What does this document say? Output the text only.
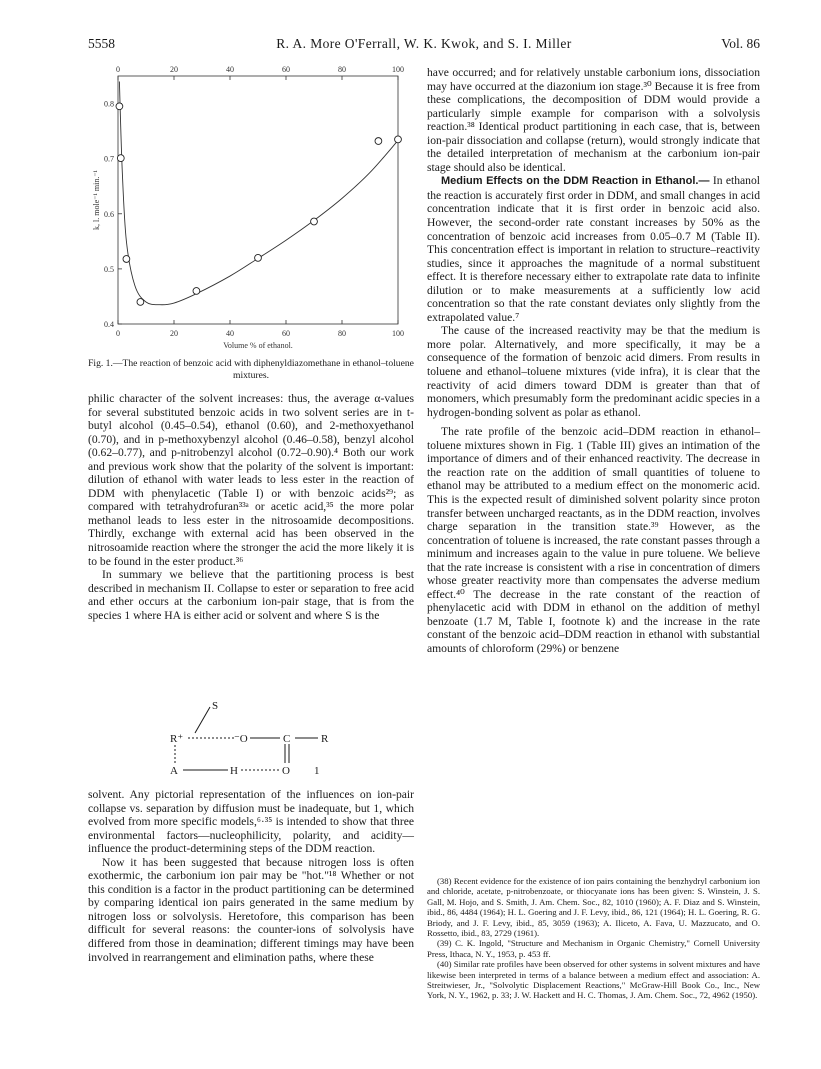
5558	R. A. More O'Ferrall, W. K. Kwok, and S. I. Miller	Vol. 86
0
0
20
20
40
40
60
60
80
80
100
100
0.4
0.5
0.6
0.7
0.8
Volume % of ethanol.
k, l. mole⁻¹ min.⁻¹
Fig. 1.—The reaction of benzoic acid with diphenyldiazomethane in ethanol–toluene mixtures.

philic character of the solvent increases: thus, the average α-values for several substituted benzoic acids in two solvent series are in t-butyl alcohol (0.45–0.54), ethanol (0.60), and 2-methoxyethanol (0.70), and in p-methoxybenzyl alcohol (0.46–0.58), benzyl alcohol (0.62–0.77), and p-nitrobenzyl alcohol (0.72–0.90).⁴ Both our work and previous work show that the polarity of the solvent is important: dilution of ethanol with water leads to less ester in the reaction of DDM with phenylacetic (Table I) or with benzoic acids²⁹; as compared with tetrahydrofuran³³ᵃ or acetic acid,³⁵ the more polar methanol leads to less ester in the nitrosoamide decompositions. Thirdly, exchange with external acid has been observed in the nitrosoamide reaction where the stronger the acid the more likely it is to be found in the ester product.³⁶

In summary we believe that the partitioning process is best described in mechanism II. Collapse to ester or separation to free acid and ether occurs at the carbonium ion-pair stage, that is from the species 1 where HA is either acid or solvent and where S is the

S
R⁺	⁻O	C	R
A	H	O 1

solvent. Any pictorial representation of the influences on ion-pair collapse vs. separation by diffusion must be inadequate, but 1, which evolved from more specific models,⁶·³⁵ is intended to show that three environmental factors—nucleophilicity, polarity, and acidity—influence the product-determining steps of the DDM reaction.

Now it has been suggested that because nitrogen loss is often exothermic, the carbonium ion pair may be "hot."¹⁸ Whether or not this condition is a factor in the product partitioning can be determined by comparing identical ion pairs generated in the same medium by nitrogen loss or solvolysis. Heretofore, this comparison has been difficult for several reasons: the counter-ions of solvolysis have differed from those in deamination; different timings may have been involved in rearrangement and elimination paths, where these

have occurred; and for relatively unstable carbonium ions, dissociation may have occurred at the diazonium ion stage.³⁰ Because it is free from these complications, the decomposition of DDM would provide a particularly simple example for comparison with a solvolysis reaction.³⁸ Identical product partitioning in each case, that is, between ion-pair dissociation and collapse (return), would strongly indicate that the detailed interpretation of mechanism at the carbonium ion-pair stage should also be identical.

Medium Effects on the DDM Reaction in Ethanol.— In ethanol the reaction is accurately first order in DDM, and small changes in acid concentration indicate that it is first order in benzoic acid also. However, the second-order rate constant increases by 50% as the concentration of benzoic acid increases from 0.05–0.7 M (Table II). This concentration effect is important in relation to structure–reactivity studies, since it approaches the magnitude of a normal substituent effect. It is therefore necessary either to extrapolate rate data to infinite dilution or to make measurements at a sufficiently low acid concentration so that the rate constant deviates only slightly from the extrapolated value.⁷

The cause of the increased reactivity may be that the medium is more polar. Alternatively, and more specifically, it may be a consequence of the formation of benzoic acid dimers. From results in toluene and ethanol–toluene mixtures (vide infra), it is clear that the reactivity of acid dimers toward DDM is greater than that of monomers, which presumably form the predominant acidic species in a hydrogen-bonding solvent as polar as ethanol.

The rate profile of the benzoic acid–DDM reaction in ethanol–toluene mixtures shown in Fig. 1 (Table III) gives an intimation of the importance of dimers and of their enhanced reactivity. The decrease in the reaction rate on the addition of small quantities of toluene to ethanol may be attributed to a medium effect on the monomeric acid. This is the expected result of diminished solvent polarity since proton transfer between uncharged reactants, as in the DDM reaction, involves charge separation in the transition state.³⁹ However, as the concentration of toluene is increased, the rate constant passes through a minimum and increases again to the value in pure toluene. We believe that the rate increase is consistent with a rise in concentration of dimers whose greater reactivity more than compensates the adverse medium effect.⁴⁰ The decrease in the rate constant of the reaction of phenylacetic acid with DDM in ethanol on the addition of methyl benzoate (1.7 M, Table I, footnote k) and the increase in the rate constant of the benzoic acid–DDM reaction in ethanol with substantial amounts of chloroform (29%) or benzene

(38) Recent evidence for the existence of ion pairs containing the benzhydryl carbonium ion and chloride, acetate, p-nitrobenzoate, or thiocyanate ions has been given: S. Winstein, J. S. Gall, M. Hojo, and S. Smith, J. Am. Chem. Soc., 82, 1010 (1960); A. F. Diaz and S. Winstein, ibid., 86, 4484 (1964); H. L. Goering and J. F. Levy, ibid., 86, 121 (1964); H. L. Goering, R. G. Briody, and J. F. Levy, ibid., 85, 3059 (1963); A. Iliceto, A. Fava, U. Mazzucato, and O. Rossetto, ibid., 83, 2729 (1961).

(39) C. K. Ingold, "Structure and Mechanism in Organic Chemistry," Cornell University Press, Ithaca, N. Y., 1953, p. 453 ff.

(40) Similar rate profiles have been observed for other systems in solvent mixtures and have likewise been interpreted in terms of a balance between a medium effect and association: A. Streitwieser, Jr., "Solvolytic Displacement Reactions," McGraw-Hill Book Co., Inc., New York, N. Y., 1962, p. 33; J. W. Hackett and H. C. Thomas, J. Am. Chem. Soc., 72, 4962 (1950).
